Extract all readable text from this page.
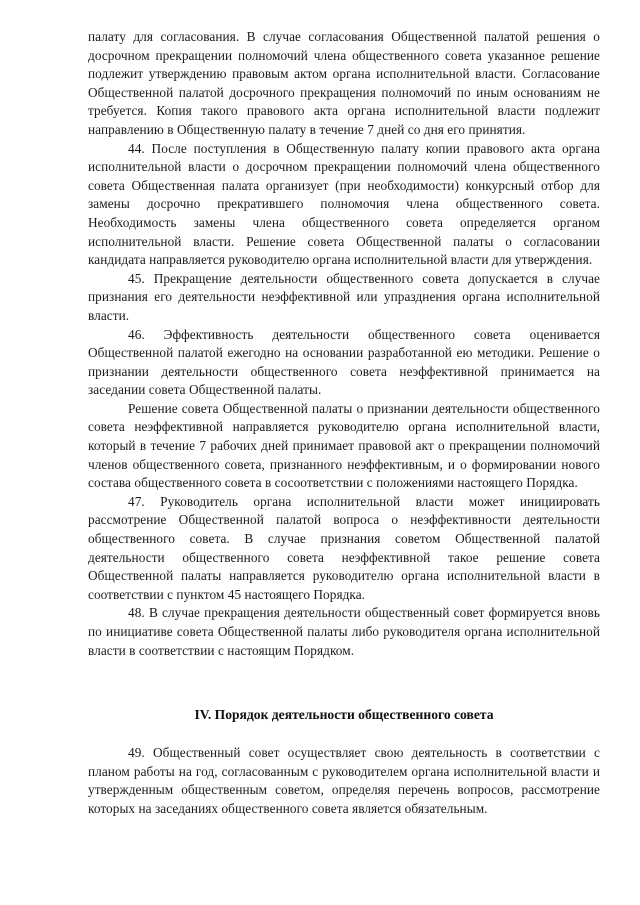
палату для согласования. В случае согласования Общественной палатой решения о досрочном прекращении полномочий члена общественного совета указанное решение подлежит утверждению правовым актом органа исполнительной власти. Согласование Общественной палатой досрочного прекращения полномочий по иным основаниям не требуется. Копия такого правового акта органа исполнительной власти подлежит направлению в Общественную палату в течение 7 дней со дня его принятия.

44. После поступления в Общественную палату копии правового акта органа исполнительной власти о досрочном прекращении полномочий члена общественного совета Общественная палата организует (при необходимости) конкурсный отбор для замены досрочно прекратившего полномочия члена общественного совета. Необходимость замены члена общественного совета определяется органом исполнительной власти. Решение совета Общественной палаты о согласовании кандидата направляется руководителю органа исполнительной власти для утверждения.

45. Прекращение деятельности общественного совета допускается в случае признания его деятельности неэффективной или упразднения органа исполнительной власти.

46. Эффективность деятельности общественного совета оценивается Общественной палатой ежегодно на основании разработанной ею методики. Решение о признании деятельности общественного совета неэффективной принимается на заседании совета Общественной палаты.

Решение совета Общественной палаты о признании деятельности общественного совета неэффективной направляется руководителю органа исполнительной власти, который в течение 7 рабочих дней принимает правовой акт о прекращении полномочий членов общественного совета, признанного неэффективным, и о формировании нового состава общественного совета в сосоответствии с положениями настоящего Порядка.

47. Руководитель органа исполнительной власти может инициировать рассмотрение Общественной палатой вопроса о неэффективности деятельности общественного совета. В случае признания советом Общественной палатой деятельности общественного совета неэффективной такое решение совета Общественной палаты направляется руководителю органа исполнительной власти в соответствии с пунктом 45 настоящего Порядка.

48. В случае прекращения деятельности общественный совет формируется вновь по инициативе совета Общественной палаты либо руководителя органа исполнительной власти в соответствии с настоящим Порядком.

IV. Порядок деятельности общественного совета

49. Общественный совет осуществляет свою деятельность в соответствии с планом работы на год, согласованным с руководителем органа исполнительной власти и утвержденным общественным советом, определяя перечень вопросов, рассмотрение которых на заседаниях общественного совета является обязательным.
